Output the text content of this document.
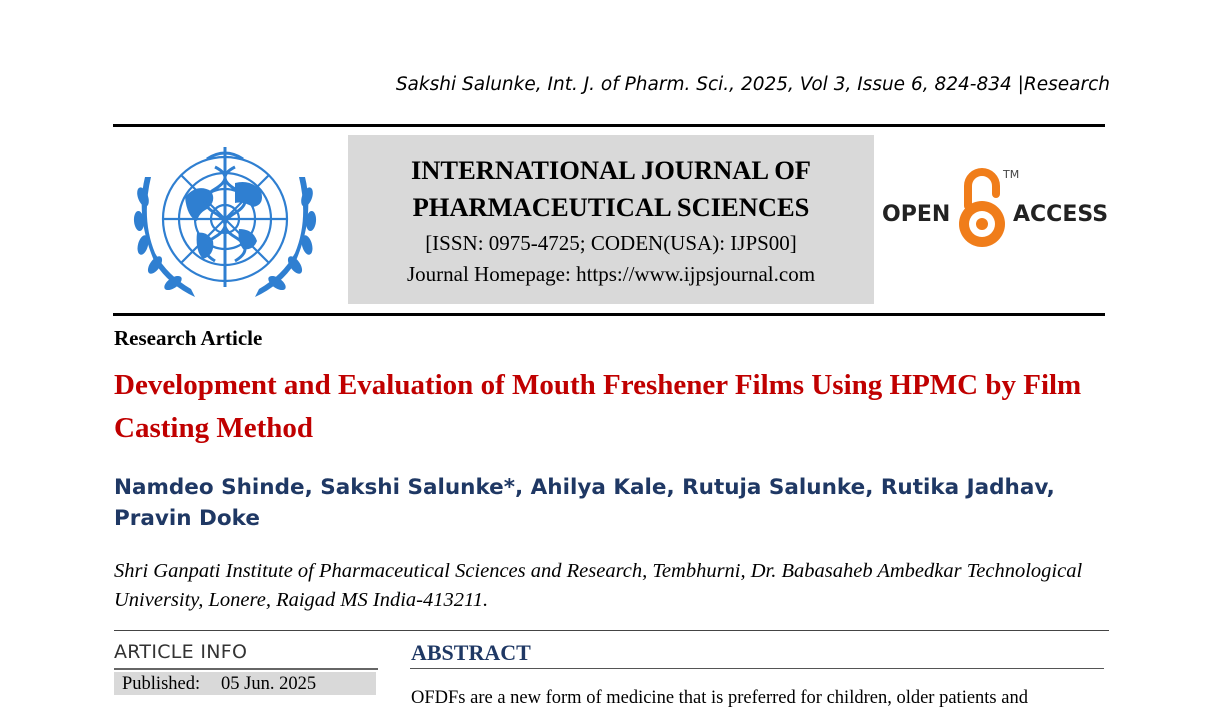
Sakshi Salunke, Int. J. of Pharm. Sci., 2025, Vol 3, Issue 6, 824-834 |Research
INTERNATIONAL JOURNAL OF
PHARMACEUTICAL SCIENCES
[ISSN: 0975-4725; CODEN(USA): IJPS00]
Journal Homepage: https://www.ijpsjournal.com
OPEN
TM
ACCESS
Research Article
Development and Evaluation of Mouth Freshener Films Using HPMC by Film Casting Method
Namdeo Shinde, Sakshi Salunke*, Ahilya Kale, Rutuja Salunke, Rutika Jadhav, Pravin Doke
Shri Ganpati Institute of Pharmaceutical Sciences and Research, Tembhurni, Dr. Babasaheb Ambedkar Technological University, Lonere, Raigad MS India-413211.
ARTICLE INFO
Published: 05 Jun. 2025
ABSTRACT
OFDFs are a new form of medicine that is preferred for children, older patients and
